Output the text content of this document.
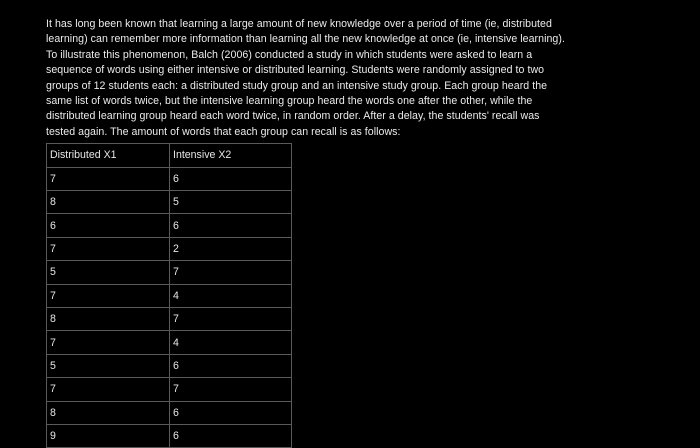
It has long been known that learning a large amount of new knowledge over a period of time (ie, distributed
learning) can remember more information than learning all the new knowledge at once (ie, intensive learning).
To illustrate this phenomenon, Balch (2006) conducted a study in which students were asked to learn a
sequence of words using either intensive or distributed learning. Students were randomly assigned to two
groups of 12 students each: a distributed study group and an intensive study group. Each group heard the
same list of words twice, but the intensive learning group heard the words one after the other, while the
distributed learning group heard each word twice, in random order. After a delay, the students' recall was
tested again. The amount of words that each group can recall is as follows:

Distributed X1	Intensive X2
7	6
8	5
6	6
7	2
5	7
7	4
8	7
7	4
5	6
7	7
8	6
9	6
